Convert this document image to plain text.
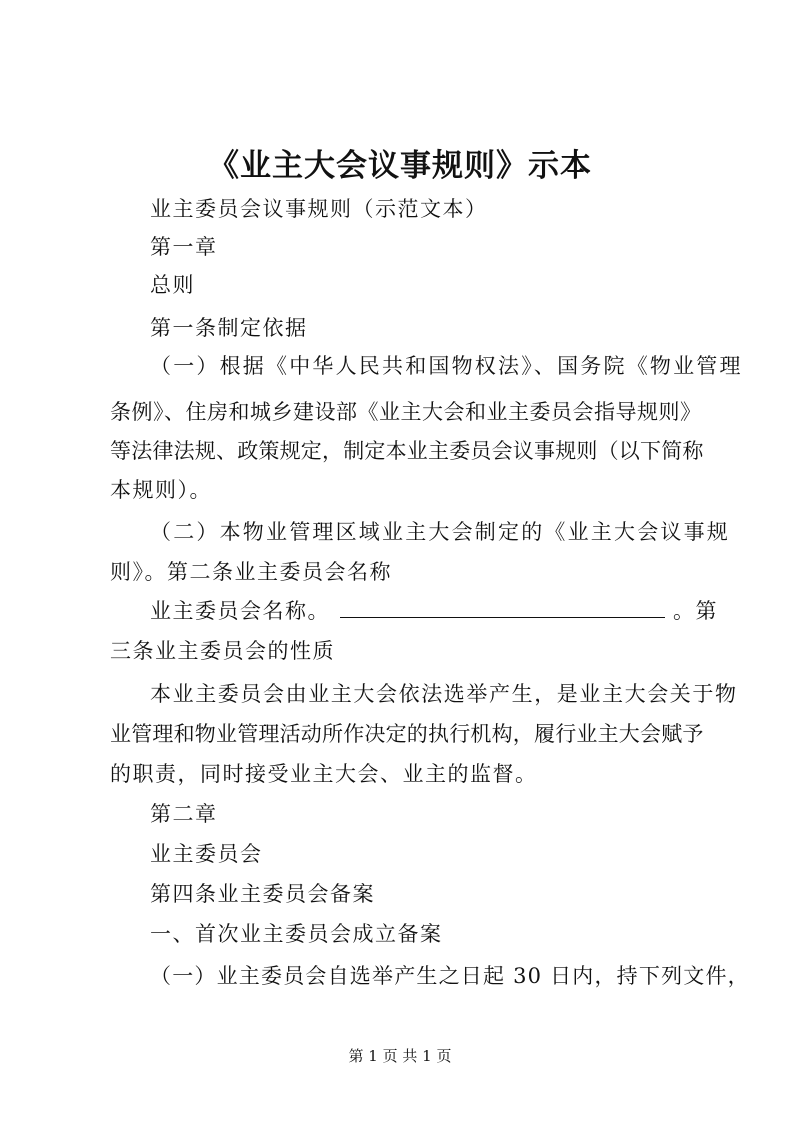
《业主大会议事规则》示本
业主委员会议事规则（示范文本）
第一章
总则
第一条制定依据
（一）根据《中华人民共和国物权法》、国务院《物业管理
条例》、住房和城乡建设部《业主大会和业主委员会指导规则》
等法律法规、政策规定，制定本业主委员会议事规则（以下简称
本规则）。
（二）本物业管理区域业主大会制定的《业主大会议事规
则》。第二条业主委员会名称
业主委员会名称。	。第
三条业主委员会的性质
本业主委员会由业主大会依法选举产生，是业主大会关于物
业管理和物业管理活动所作决定的执行机构，履行业主大会赋予
的职责，同时接受业主大会、业主的监督。
第二章
业主委员会
第四条业主委员会备案
一、首次业主委员会成立备案
（一）业主委员会自选举产生之日起 30 日内，持下列文件，
第 1 页 共 1 页
